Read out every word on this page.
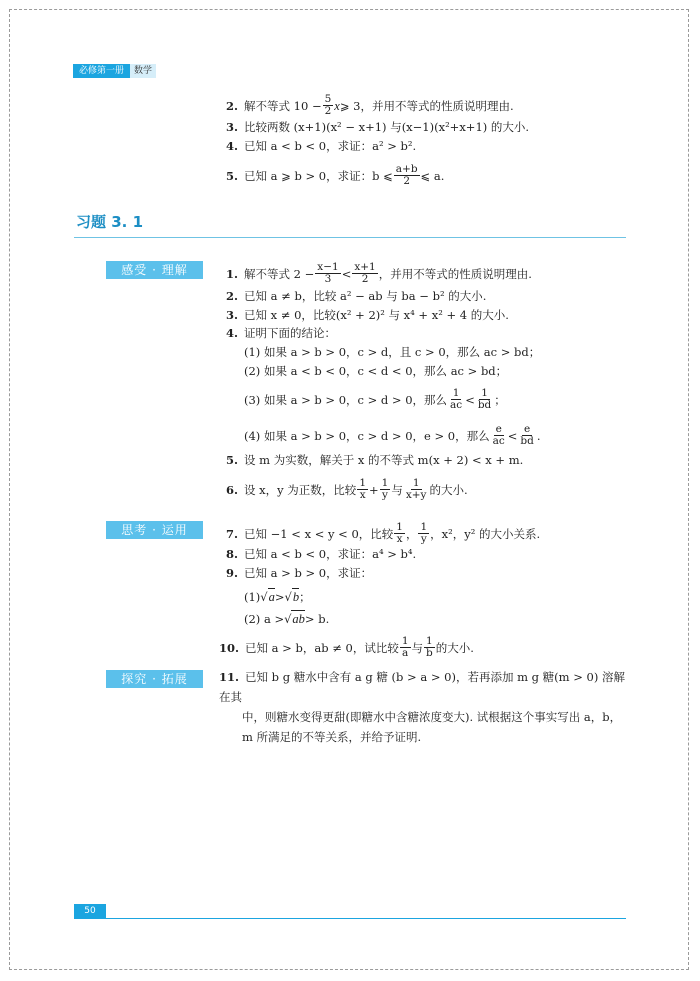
必修第一册	数学
2. 解不等式 $10 - \frac{5}{2}$ x ⩾ 3，并用不等式的性质说明理由.
3. 比较两数 (x+1)(x² − x+1) 与(x−1)(x²+x+1) 的大小.
4. 已知 a < b < 0，求证：a² > b².
5. 已知 a ⩾ b > 0，求证：b ⩽ $\frac{a+b}{2}$ ⩽ a.
习题 3. 1
感受 · 理解
思考 · 运用
探究 · 拓展
1. 解不等式 $2 - \frac{x-1}{3} < \frac{x+1}{2}$ ，并用不等式的性质说明理由.
2. 已知 a ≠ b，比较 a² − ab 与 ba − b² 的大小.
3. 已知 x ≠ 0，比较(x² + 2)² 与 x⁴ + x² + 4 的大小.
4. 证明下面的结论：
(1) 如果 a > b > 0，c > d，且 c > 0，那么 ac > bd；
(2) 如果 a < b < 0，c < d < 0，那么 ac > bd；
(3) 如果 a > b > 0，c > d > 0，那么 $\frac{1}{ac} < \frac{1}{bd}$ ；
(4) 如果 a > b > 0，c > d > 0，e > 0，那么 $\frac{e}{ac} < \frac{e}{bd}$ .
5. 设 m 为实数，解关于 x 的不等式 m(x + 2) < x + m.
6. 设 x，y 为正数，比较 $\frac{1}{x} + \frac{1}{y}$ 与 $\frac{1}{x+y}$ 的大小.
7. 已知 −1 < x < y < 0，比较 $\frac{1}{x}$ ， $\frac{1}{y}$ ，x²，y² 的大小关系.
8. 已知 a < b < 0，求证：a⁴ > b⁴.
9. 已知 a > b > 0，求证：
(1) √ a > √ b ；
(2) a > √ ab > b.
10. 已知 a > b，ab ≠ 0，试比较 $\frac{1}{a}$ 与 $\frac{1}{b}$ 的大小.
11. 已知 b g 糖水中含有 a g 糖 (b > a > 0)，若再添加 m g 糖(m > 0) 溶解在其
中，则糖水变得更甜(即糖水中含糖浓度变大). 试根据这个事实写出 a，b，
m 所满足的不等关系，并给予证明.
50
